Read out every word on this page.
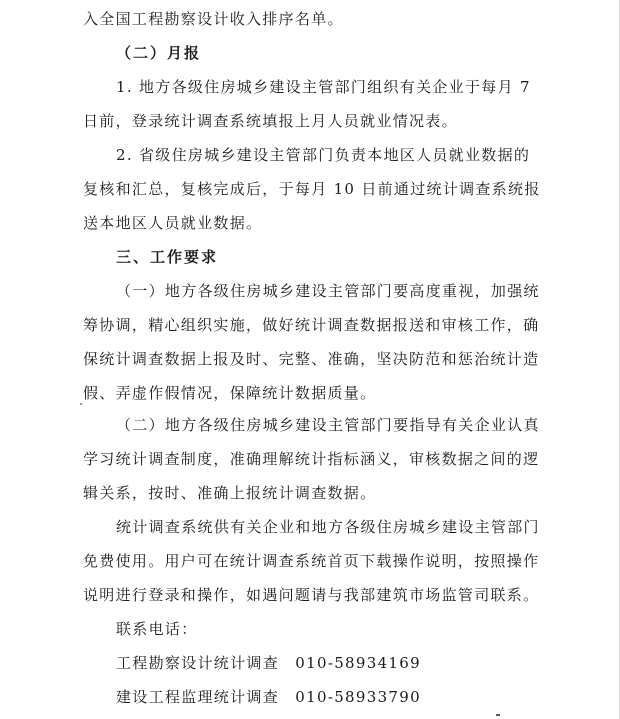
入全国工程勘察设计收入排序名单。
（二）月报
1. 地方各级住房城乡建设主管部门组织有关企业于每月 7
日前，登录统计调查系统填报上月人员就业情况表。
2. 省级住房城乡建设主管部门负责本地区人员就业数据的
复核和汇总，复核完成后，于每月 10 日前通过统计调查系统报
送本地区人员就业数据。
三、工作要求
（一）地方各级住房城乡建设主管部门要高度重视，加强统
筹协调，精心组织实施，做好统计调查数据报送和审核工作，确
保统计调查数据上报及时、完整、准确，坚决防范和惩治统计造
假、弄虚作假情况，保障统计数据质量。
（二）地方各级住房城乡建设主管部门要指导有关企业认真
学习统计调查制度，准确理解统计指标涵义，审核数据之间的逻
辑关系，按时、准确上报统计调查数据。
统计调查系统供有关企业和地方各级住房城乡建设主管部门
免费使用。用户可在统计调查系统首页下载操作说明，按照操作
说明进行登录和操作，如遇问题请与我部建筑市场监管司联系。
联系电话：
工程勘察设计统计调查　010-58934169
建设工程监理统计调查　010-58933790
